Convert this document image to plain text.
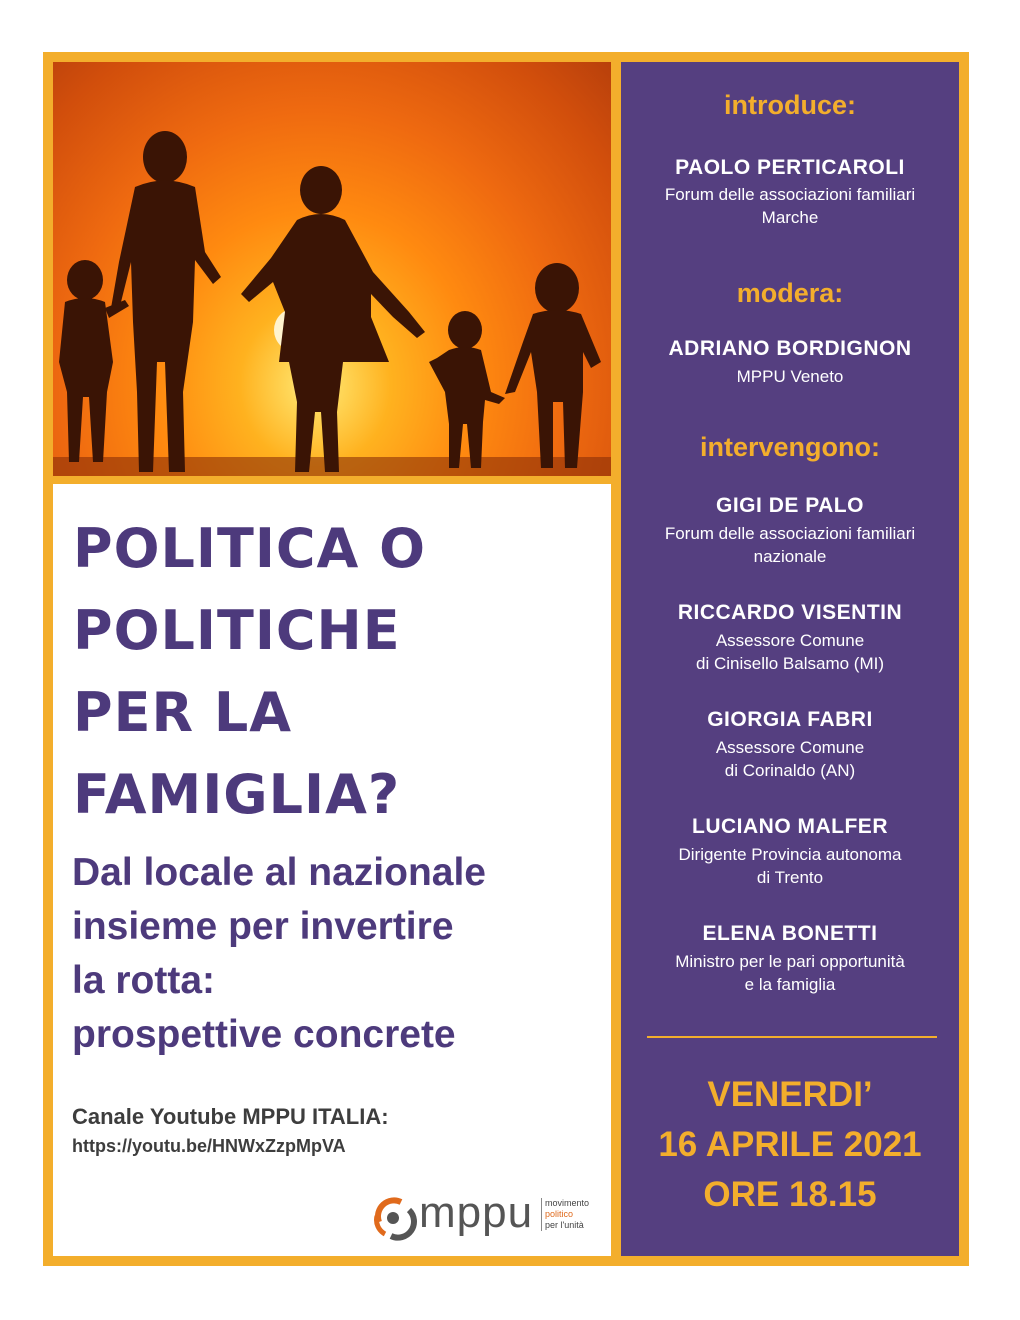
POLITICA O
POLITICHE
PER LA
FAMIGLIA?
Dal locale al nazionale
insieme per invertire
la rotta:
prospettive concrete
Canale Youtube MPPU ITALIA:
https://youtu.be/HNWxZzpMpVA
mppu movimento
politico
per l'unità
introduce:
PAOLO PERTICAROLI
Forum delle associazioni familiari
Marche
modera:
ADRIANO BORDIGNON
MPPU Veneto
intervengono:
GIGI DE PALO
Forum delle associazioni familiari
nazionale
RICCARDO VISENTIN
Assessore Comune
di Cinisello Balsamo (MI)
GIORGIA FABRI
Assessore Comune
di Corinaldo (AN)
LUCIANO MALFER
Dirigente Provincia autonoma
di Trento
ELENA BONETTI
Ministro per le pari opportunità
e la famiglia
VENERDI’
16 APRILE 2021
ORE 18.15
